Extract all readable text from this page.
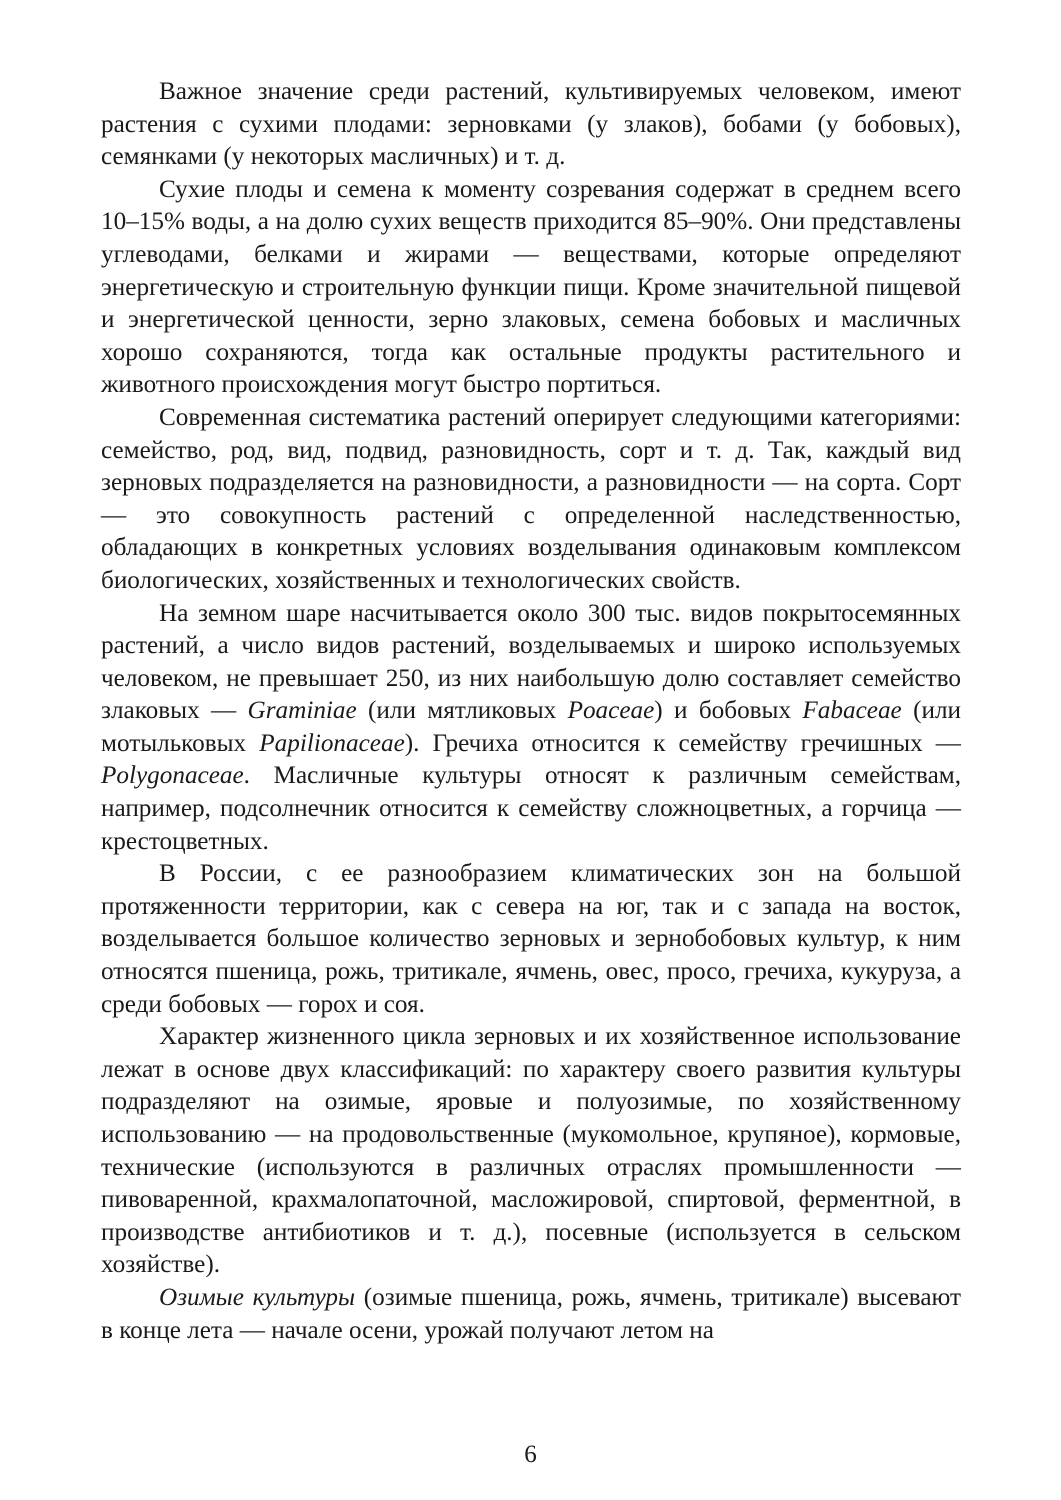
Важное значение среди растений, культивируемых человеком, имеют растения с сухими плодами: зерновками (у злаков), бобами (у бобовых), семянками (у некоторых масличных) и т. д.

Сухие плоды и семена к моменту созревания содержат в среднем всего 10–15% воды, а на долю сухих веществ приходится 85–90%. Они представлены углеводами, белками и жирами — веществами, которые определяют энергетическую и строительную функции пищи. Кроме значительной пищевой и энергетической ценности, зерно злаковых, семена бобовых и масличных хорошо сохраняются, тогда как остальные продукты растительного и животного происхождения могут быстро портиться.

Современная систематика растений оперирует следующими категориями: семейство, род, вид, подвид, разновидность, сорт и т. д. Так, каждый вид зерновых подразделяется на разновидности, а разновидности — на сорта. Сорт — это совокупность растений с определенной наследственностью, обладающих в конкретных условиях возделывания одинаковым комплексом биологических, хозяйственных и технологических свойств.

На земном шаре насчитывается около 300 тыс. видов покрытосемянных растений, а число видов растений, возделываемых и широко используемых человеком, не превышает 250, из них наибольшую долю составляет семейство злаковых — Graminiae (или мятликовых Poaceae) и бобовых Fabaceae (или мотыльковых Papilionaceae). Гречиха относится к семейству гречишных — Polygonaceae. Масличные культуры относят к различным семействам, например, подсолнечник относится к семейству сложноцветных, а горчица — крестоцветных.

В России, с ее разнообразием климатических зон на большой протяженности территории, как с севера на юг, так и с запада на восток, возделывается большое количество зерновых и зернобобовых культур, к ним относятся пшеница, рожь, тритикале, ячмень, овес, просо, гречиха, кукуруза, а среди бобовых — горох и соя.

Характер жизненного цикла зерновых и их хозяйственное использование лежат в основе двух классификаций: по характеру своего развития культуры подразделяют на озимые, яровые и полуозимые, по хозяйственному использованию — на продовольственные (мукомольное, крупяное), кормовые, технические (используются в различных отраслях промышленности — пивоваренной, крахмалопаточной, масложировой, спиртовой, ферментной, в производстве антибиотиков и т. д.), посевные (используется в сельском хозяйстве).

Озимые культуры (озимые пшеница, рожь, ячмень, тритикале) высевают в конце лета — начале осени, урожай получают летом на

6
